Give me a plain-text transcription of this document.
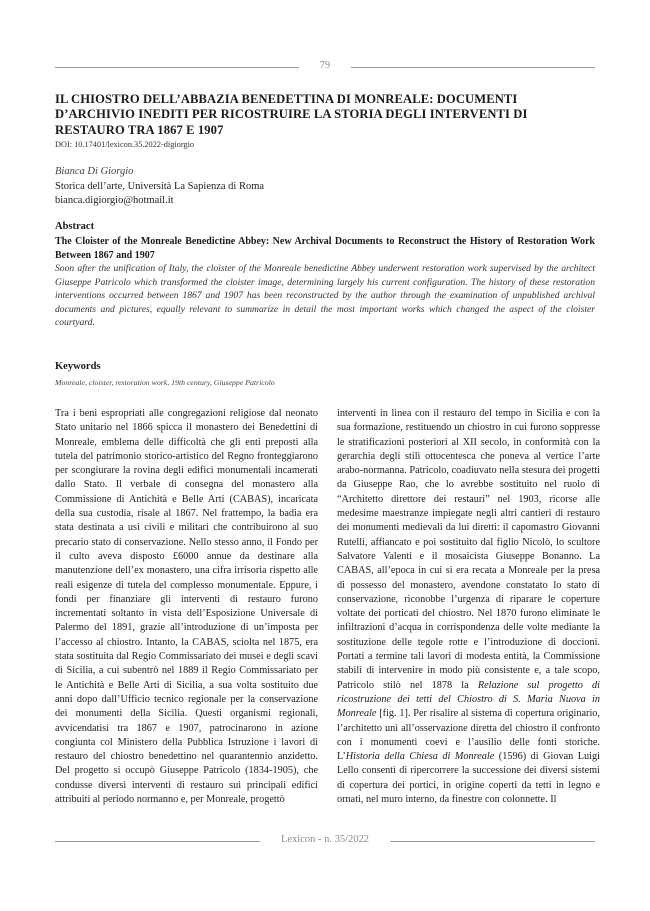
79
IL CHIOSTRO DELL’ABBAZIA BENEDETTINA DI MONREALE: DOCUMENTI D’ARCHIVIO INEDITI PER RICOSTRUIRE LA STORIA DEGLI INTERVENTI DI RESTAURO TRA 1867 E 1907
DOI: 10.17401/lexicon.35.2022-digiorgio
Bianca Di Giorgio
Storica dell’arte, Università La Sapienza di Roma
bianca.digiorgio@hotmail.it
Abstract

The Cloister of the Monreale Benedictine Abbey: New Archival Documents to Reconstruct the History of Restoration Work Between 1867 and 1907

Soon after the unification of Italy, the cloister of the Monreale benedictine Abbey underwent restoration work supervised by the architect Giuseppe Patricolo which transformed the cloister image, determining largely his current configuration. The history of these restoration interventions occurred between 1867 and 1907 has been reconstructed by the author through the examination of unpublished archival documents and pictures, equally relevant to summarize in detail the most important works which changed the aspect of the cloister courtyard.

Keywords
Monreale, cloister, restoration work, 19th century, Giuseppe Patricolo

Tra i beni espropriati alle congregazioni religiose dal neonato Stato unitario nel 1866 spicca il monastero dei Benedettini di Monreale, emblema delle difficoltà che gli enti preposti alla tutela del patrimonio storico-artistico del Regno fronteggiarono per scongiurare la rovina degli edifici monumentali incamerati dallo Stato. Il verbale di consegna del monastero alla Commissione di Antichità e Belle Arti (CABAS), incaricata della sua custodia, risale al 1867. Nel frattempo, la badia era stata destinata a usi civili e militari che contribuirono al suo precario stato di conservazione. Nello stesso anno, il Fondo per il culto aveva disposto £6000 annue da destinare alla manutenzione dell’ex monastero, una cifra irrisoria rispetto alle reali esigenze di tutela del complesso monumentale. Eppure, i fondi per finanziare gli interventi di restauro furono incrementati soltanto in vista dell’Esposizione Universale di Palermo del 1891, grazie all’introduzione di un’imposta per l’accesso al chiostro. Intanto, la CABAS, sciolta nel 1875, era stata sostituita dal Regio Commissariato dei musei e degli scavi di Sicilia, a cui subentrò nel 1889 il Regio Commissariato per le Antichità e Belle Arti di Sicilia, a sua volta sostituito due anni dopo dall’Ufficio tecnico regionale per la conservazione dei monumenti della Sicilia. Questi organismi regionali, avvicendatisi tra 1867 e 1907, patrocinarono in azione congiunta col Ministero della Pubblica Istruzione i lavori di restauro del chiostro benedettino nel quarantennio anzidetto. Del progetto si occupò Giuseppe Patricolo (1834-1905), che condusse diversi interventi di restauro sui principali edifici attribuiti al periodo normanno e, per Monreale, progettò

interventi in linea con il restauro del tempo in Sicilia e con la sua formazione, restituendo un chiostro in cui furono soppresse le stratificazioni posteriori al XII secolo, in conformità con la gerarchia degli stili ottocentesca che poneva al vertice l’arte arabo-normanna. Patricolo, coadiuvato nella stesura dei progetti da Giuseppe Rao, che lo avrebbe sostituito nel ruolo di “Architetto direttore dei restauri” nel 1903, ricorse alle medesime maestranze impiegate negli altri cantieri di restauro dei monumenti medievali da lui diretti: il capomastro Giovanni Rutelli, affiancato e poi sostituito dal figlio Nicolò, lo scultore Salvatore Valenti e il mosaicista Giuseppe Bonanno. La CABAS, all’epoca in cui si era recata a Monreale per la presa di possesso del monastero, avendone constatato lo stato di conservazione, riconobbe l’urgenza di riparare le coperture voltate dei porticati del chiostro. Nel 1870 furono eliminate le infiltrazioni d’acqua in corrispondenza delle volte mediante la sostituzione delle tegole rotte e l’introduzione di doccioni. Portati a termine tali lavori di modesta entità, la Commissione stabilì di intervenire in modo più consistente e, a tale scopo, Patricolo stilò nel 1878 la Relazione sul progetto di ricostruzione dei tetti del Chiostro di S. Maria Nuova in Monreale [fig. 1]. Per risalire al sistema di copertura originario, l’architetto unì all’osservazione diretta del chiostro il confronto con i monumenti coevi e l’ausilio delle fonti storiche. L’Historia della Chiesa di Monreale (1596) di Giovan Luigi Lello consentì di ripercorrere la successione dei diversi sistemi di copertura dei portici, in origine coperti da tetti in legno e ornati, nel muro interno, da finestre con colonnette. Il

Lexicon - n. 35/2022
